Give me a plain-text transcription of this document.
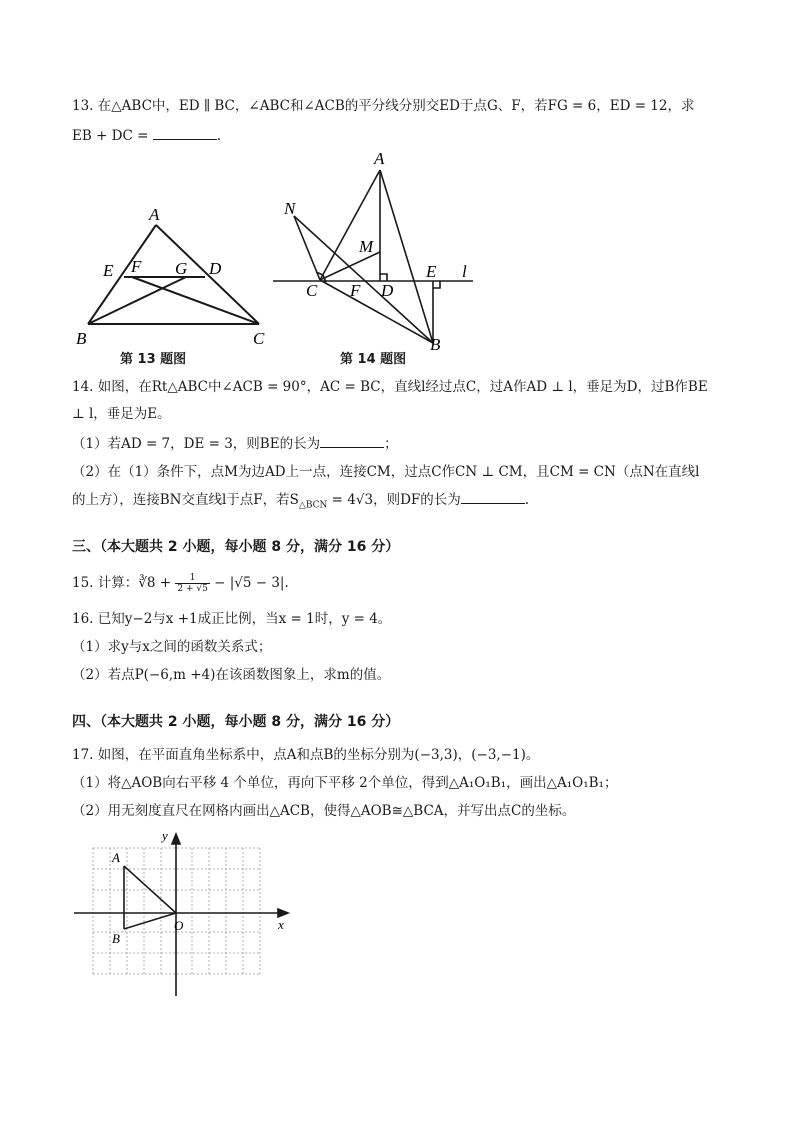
13. 在△ABC中，ED ∥ BC，∠ABC和∠ACB的平分线分别交ED于点G、F，若FG = 6，ED = 12，求
EB + DC =	.
A
B	C
D
E F G
第 13 题图
A
B
C	D
E
F
M
N
l
第 14 题图
14. 如图，在Rt△ABC中∠ACB = 90°，AC = BC，直线l经过点C，过A作AD ⊥ l，垂足为D，过B作BE
⊥ l，垂足为E。
（1）若AD = 7，DE = 3，则BE的长为	；
（2）在（1）条件下，点M为边AD上一点，连接CM，过点C作CN ⊥ CM，且CM = CN（点N在直线l
的上方），连接BN交直线l于点F，若$S_{\triangle BCN} = 4√3$，则DF的长为	.
三、（本大题共 2 小题，每小题 8 分，满分 16 分）
15. 计算：∛8 + $\frac{1}{2 + √5} - |√5 - 3|$.
16. 已知y−2与x +1成正比例，当x = 1时，y = 4。
（1）求y与x之间的函数关系式；
（2）若点P(−6,m +4)在该函数图象上，求m的值。
四、（本大题共 2 小题，每小题 8 分，满分 16 分）
17. 如图，在平面直角坐标系中，点A和点B的坐标分别为(−3,3)，(−3,−1)。
（1）将△AOB向右平移 4 个单位，再向下平移 2个单位，得到△A₁O₁B₁，画出△A₁O₁B₁；
（2）用无刻度直尺在网格内画出△ACB，使得△AOB≅△BCA，并写出点C的坐标。
A
B
O	x
y
